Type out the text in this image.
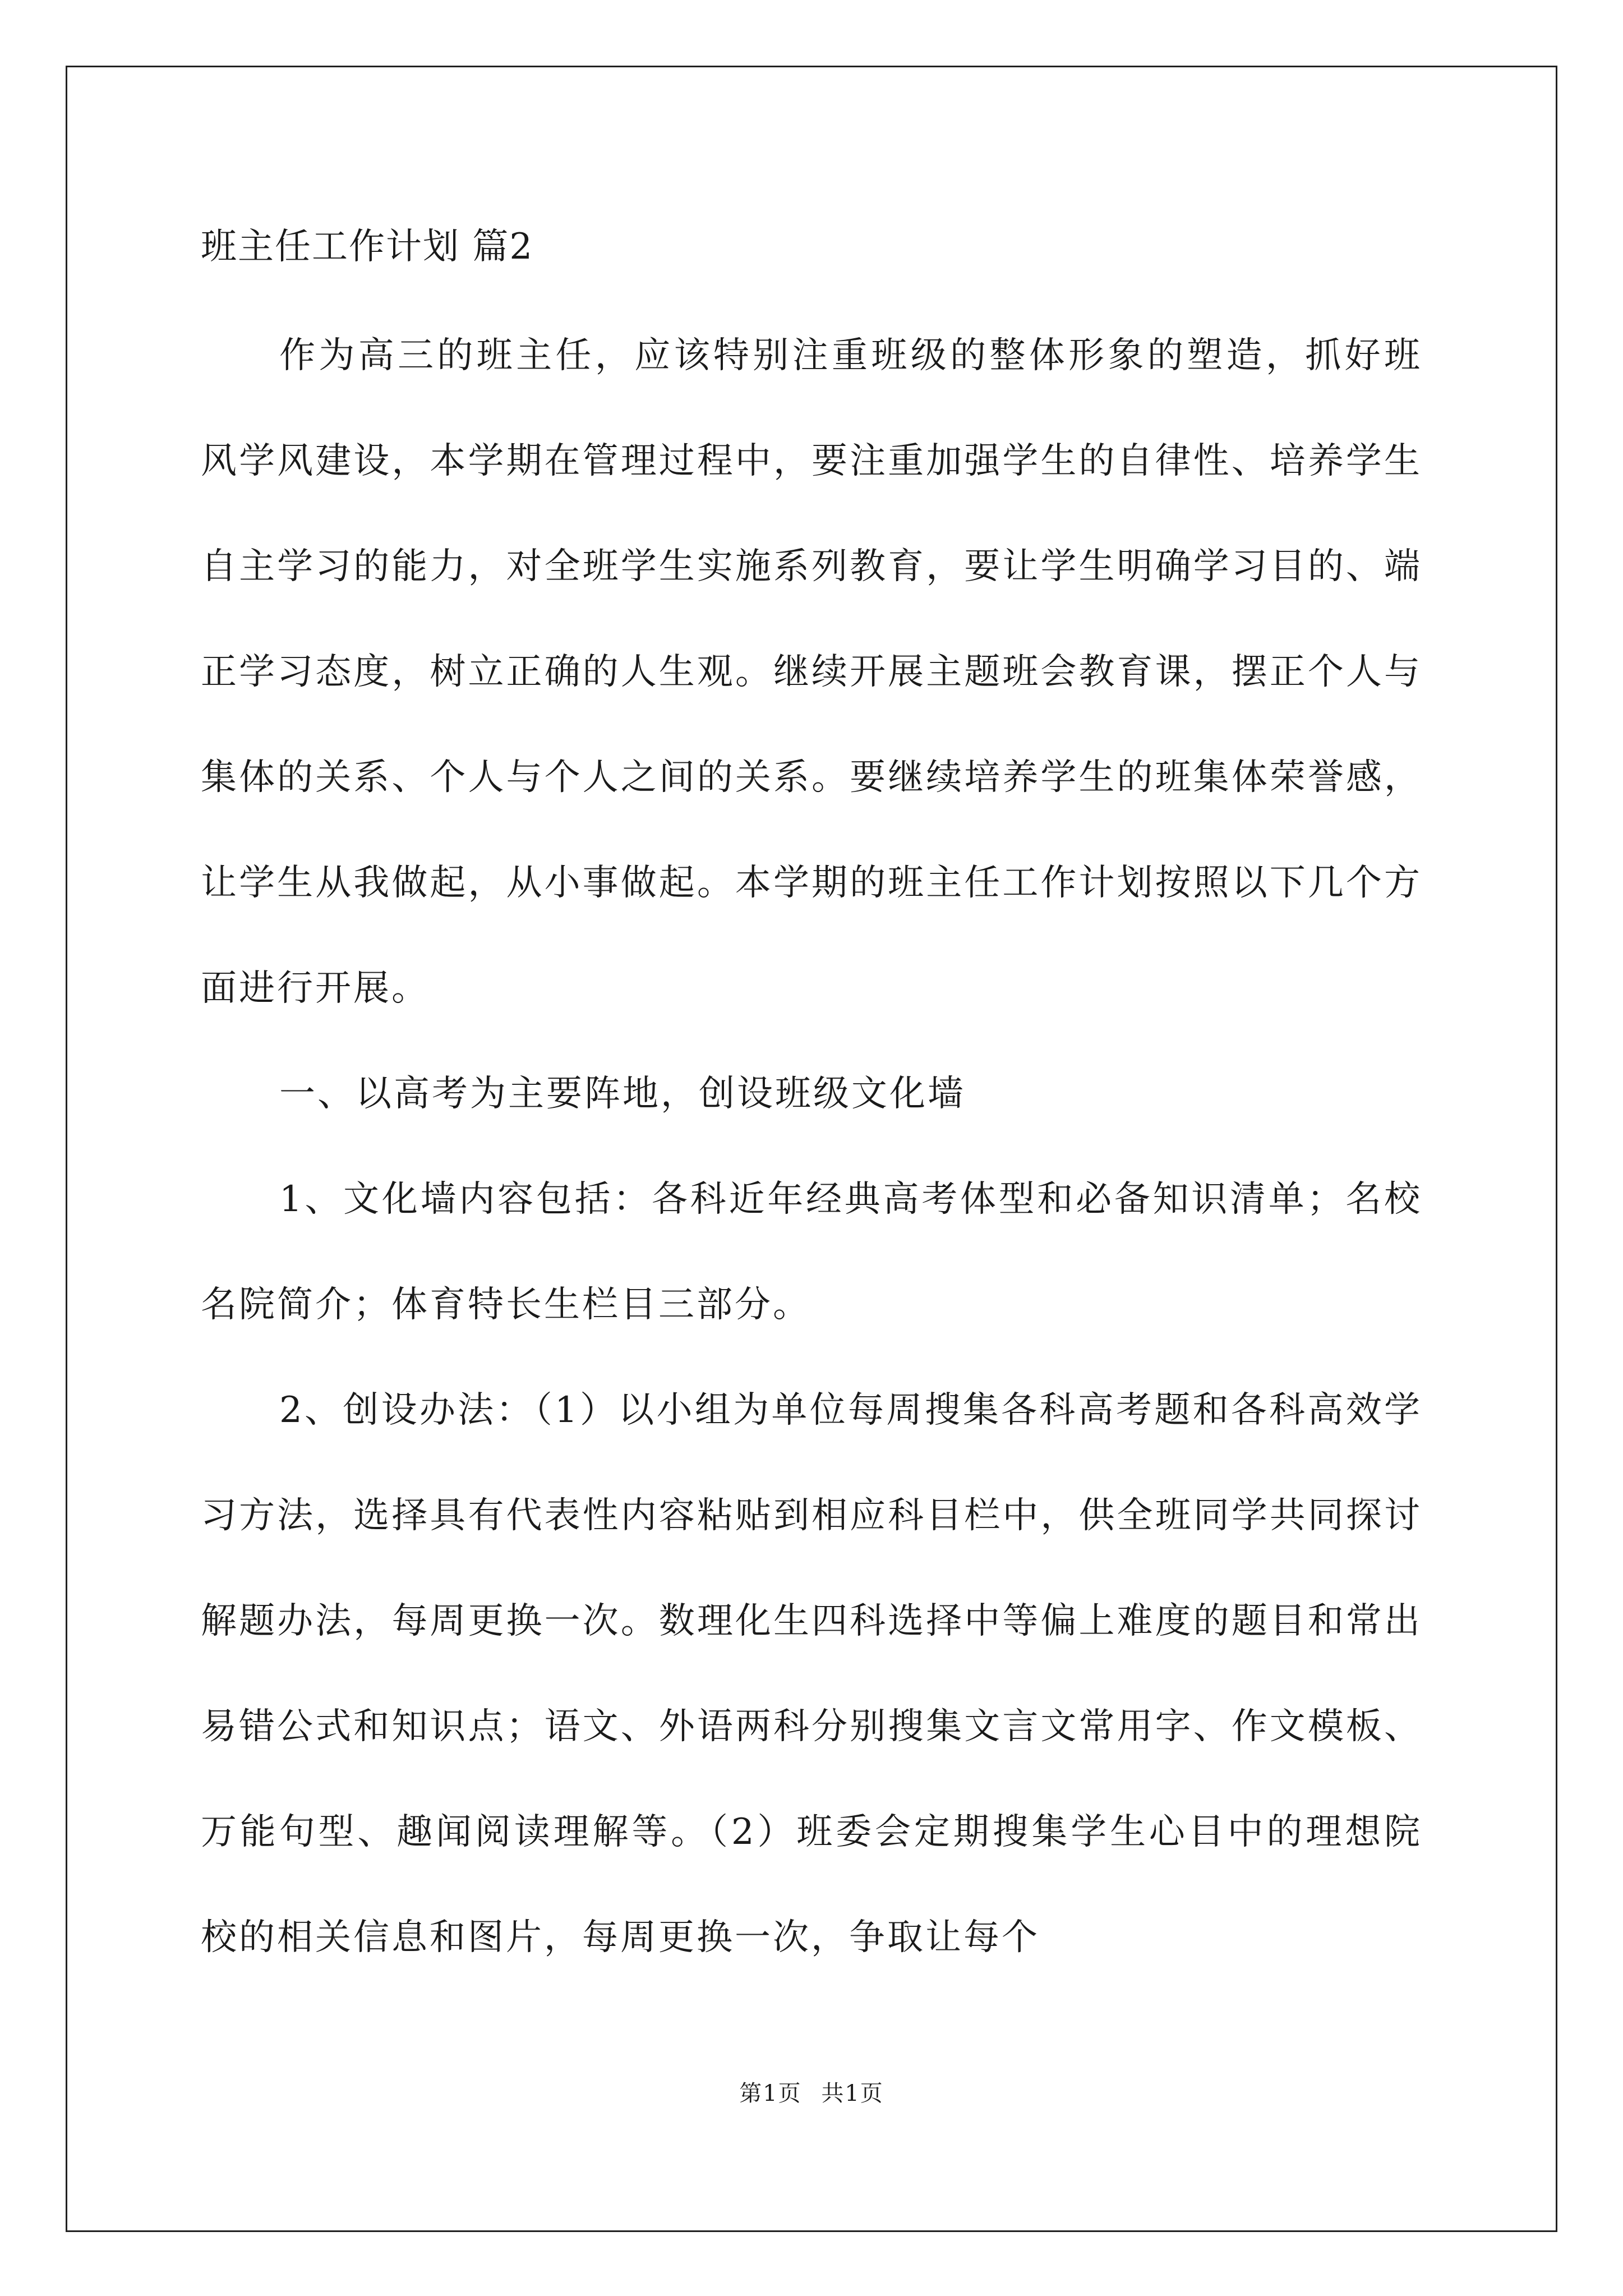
班主任工作计划 篇2

作为高三的班主任，应该特别注重班级的整体形象的塑造，抓好班风学风建设，本学期在管理过程中，要注重加强学生的自律性、培养学生自主学习的能力，对全班学生实施系列教育，要让学生明确学习目的、端正学习态度，树立正确的人生观。继续开展主题班会教育课，摆正个人与集体的关系、个人与个人之间的关系。要继续培养学生的班集体荣誉感，让学生从我做起，从小事做起。本学期的班主任工作计划按照以下几个方面进行开展。

一、以高考为主要阵地，创设班级文化墙

1、文化墙内容包括：各科近年经典高考体型和必备知识清单；名校名院简介；体育特长生栏目三部分。

2、创设办法：（1）以小组为单位每周搜集各科高考题和各科高效学习方法，选择具有代表性内容粘贴到相应科目栏中，供全班同学共同探讨解题办法，每周更换一次。数理化生四科选择中等偏上难度的题目和常出易错公式和知识点；语文、外语两科分别搜集文言文常用字、作文模板、万能句型、趣闻阅读理解等。（2）班委会定期搜集学生心目中的理想院校的相关信息和图片，每周更换一次，争取让每个

第1页 共1页
